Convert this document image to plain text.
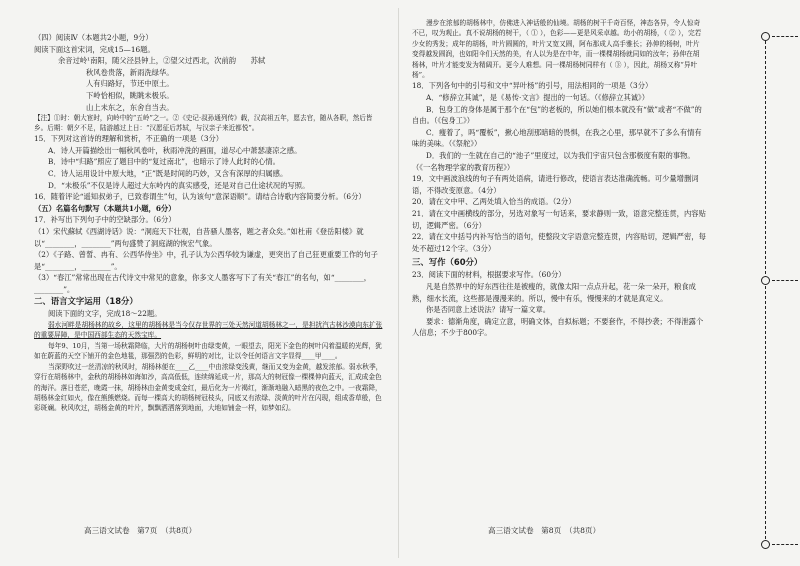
（四）阅读Ⅳ（本题共2小题，9分）

阅读下面这首宋词，完成15—16题。

余音过岭¹南阳，随父泾县钟上，②望父过西北，次前韵　　苏轼

秋风卷贵落，新雨洗绿华。

人有归路好，节还中原土。

下岭恰相似，眺眺未极乐。

山上未东之，东舍自当去。

【注】①时：朝大宦时，向岭中的“五岭”之一。②《史记·叔孙通列传》载，汉高祖五年，愿去官，随从各职，然后皆乡。后期：朝夕不足，陆游越过上日：“汉愿征后苏轼，与汉亲子来近都悦”。

15．下列对这首诗的理解和赏析，不正确的一项是（3分）

A．诗人开篇描绘出一幅秋风卷叶，秋雨冲洗的画面，道尽心中萧瑟凄凉之感。

B．诗中“归路”照应了题目中的“复过南北”，也暗示了诗人此时的心情。

C．诗人运用设计中原大地，“正”既是时间的巧妙，又含有深厚的归属感。

D．“未极乐”不仅是诗人超过大东岭内的真实感受，还是对自己仕途状况的写照。

16．随着评论“遥知叔弟子，已致春谓生”句，认为该句“意深语顺”。请结合诗歌内容简要分析。（6分）

（五）名篇名句默写（本题共1小题，6分）

17．补写出下列句子中的空缺部分。（6分）

（1）宋代蘇轼《西湖诗话》说：“洞庭天下壮观，自昔骚人墨客，题之者众矣。”如杜甫《登岳阳楼》就以“________，________”两句盛赞了洞庭湖的恢宏气象。

（2）《子路、曾皙、冉有、公西华侍坐》中，孔子认为公西华较为谦虚，更突出了自己狂更重要工作的句子是“________，________”。

（3）“春江”常常出现在古代诗文中常见的意象，你多文人墨客写下了有关“春江”的名句，如“________，________”。

二、语言文字运用（18分）

阅读下面的文字，完成18～22题。

弱水河畔是胡杨林的故乡，这里的胡杨林是当今仅存世界的三处天然河道胡杨林之一，是担扰汽古林沙漠向东扩张的重要屏障，是中国西部生态的天然宝库。

每年9、10月，当第一场秋霜降临，大片的胡杨树叶由绿变黄，一眼望去，阳光下金色的树叶闪着温暖的光辉，犹如在蔚蓝的天空下铺开的金色地毯，那强烈的色彩，鲜明的对比，让以令任何语言文字显得____甲____。

当深野吹过一丝清凉的秋风时，胡杨林便在____乙____中由浓绿变浅黄，继而又变为金黄，越发浓郁。弱水秋季，穿行在胡杨林中，金秋的胡杨林如海如沙，高高低低，连续绵延成一片，那高大的树冠像一棵棵伸向蓝天，汇成成金色的海洋。落日苍茫，晚霞一抹，胡杨林由金黄变成金红，最后化为一片褐红，渐渐地融入暗黑的夜色之中。一夜霜降，胡杨林金红如火，像在熊熊燃烧。而每一棵高大的胡杨树冠枝头，同底又有浓绿、淡黄的叶片在闪现，组成香草般，色彩斑斓。秋风吹过，胡杨金黄的叶片，飘飘洒洒落到地面，大地如铺金一样，如梦如幻。

高三语文试卷　第7页　（共8页）

漫步在浓郁的胡杨林中，仿佛进入神话般的仙境。胡杨的树干千奇百怪，神态各异，令人惊奇不已，叹为观止。真不说胡杨的树干，（ ① ），色彩——更是风采卓越。幼小的胡杨，（ ② ），完若少女的秀发；成年的胡杨，叶片圆圆的，叶片又宽又圆，阿布那成人高手雅长；孙伸的杨树，叶片变得越发圆润，也如阳伞们天然的美，有人以为是在中年，而一棵棵胡杨就同如的汝年；孙伸在胡杨林，叶片才能变发为精阔开。更今人难想。同一棵胡杨树同样有（ ③ ），因此，胡杨又称“异叶杨”。

18．下列各句中的引号和文中“异叶杨”的引号，用法相同的一项是（3分）

A．“修辞立其诚”，是《易传·文言》提出的一句话。（《修辞立其诚》）

B．包身工的身体是属于那个在“包”的老板的，所以她们根本就没有“做”或者“不做”的自由。（《包身工》）

C．瘦着了，吗“覆板”，揪心地刮那暗暗的畏惧，在我之心里，那早就不了多么有情有味的美味。（《祭舵》）

D．我们的一生就在自己的“池子”里度过，以为我们宇宙只包含那极度有限的事物。（《一名物理学家的教育历程》）

19．文中画波浪线的句子有两处语病，请进行修改，使语言表达准确流畅。可少量增删词语，不得改变原意。（4分）

20．请在文中甲、乙两处填入恰当的成语。（2分）

21．请在文中画横线的部分，另选对象写一句话来，要求静则一致，语意完整连贯，内容贴切，逻辑严密。（6分）

22．请在文中括号内补写恰当的语句，使整段文字语意完整连贯，内容贴切，逻辑严密，每处不超过12个字。（3分）

三、写作（60分）

23．阅读下面的材料，根据要求写作。（60分）

凡是自然界中的好东西往往是被瘦的，就像太阳一点点升起，花一朵一朵开，粮食成熟，细水长流，这些都是漫漫来的。所以，慢中有乐，慢慢来的才就是真定义。

你是否同意上述说法？请写一篇文章。

要求：德渐角度，确定立意，明确文体，自拟标题；不要套作，不得抄袭；不得泄露个人信息；不少于800字。

高三语文试卷　第8页　（共8页）
